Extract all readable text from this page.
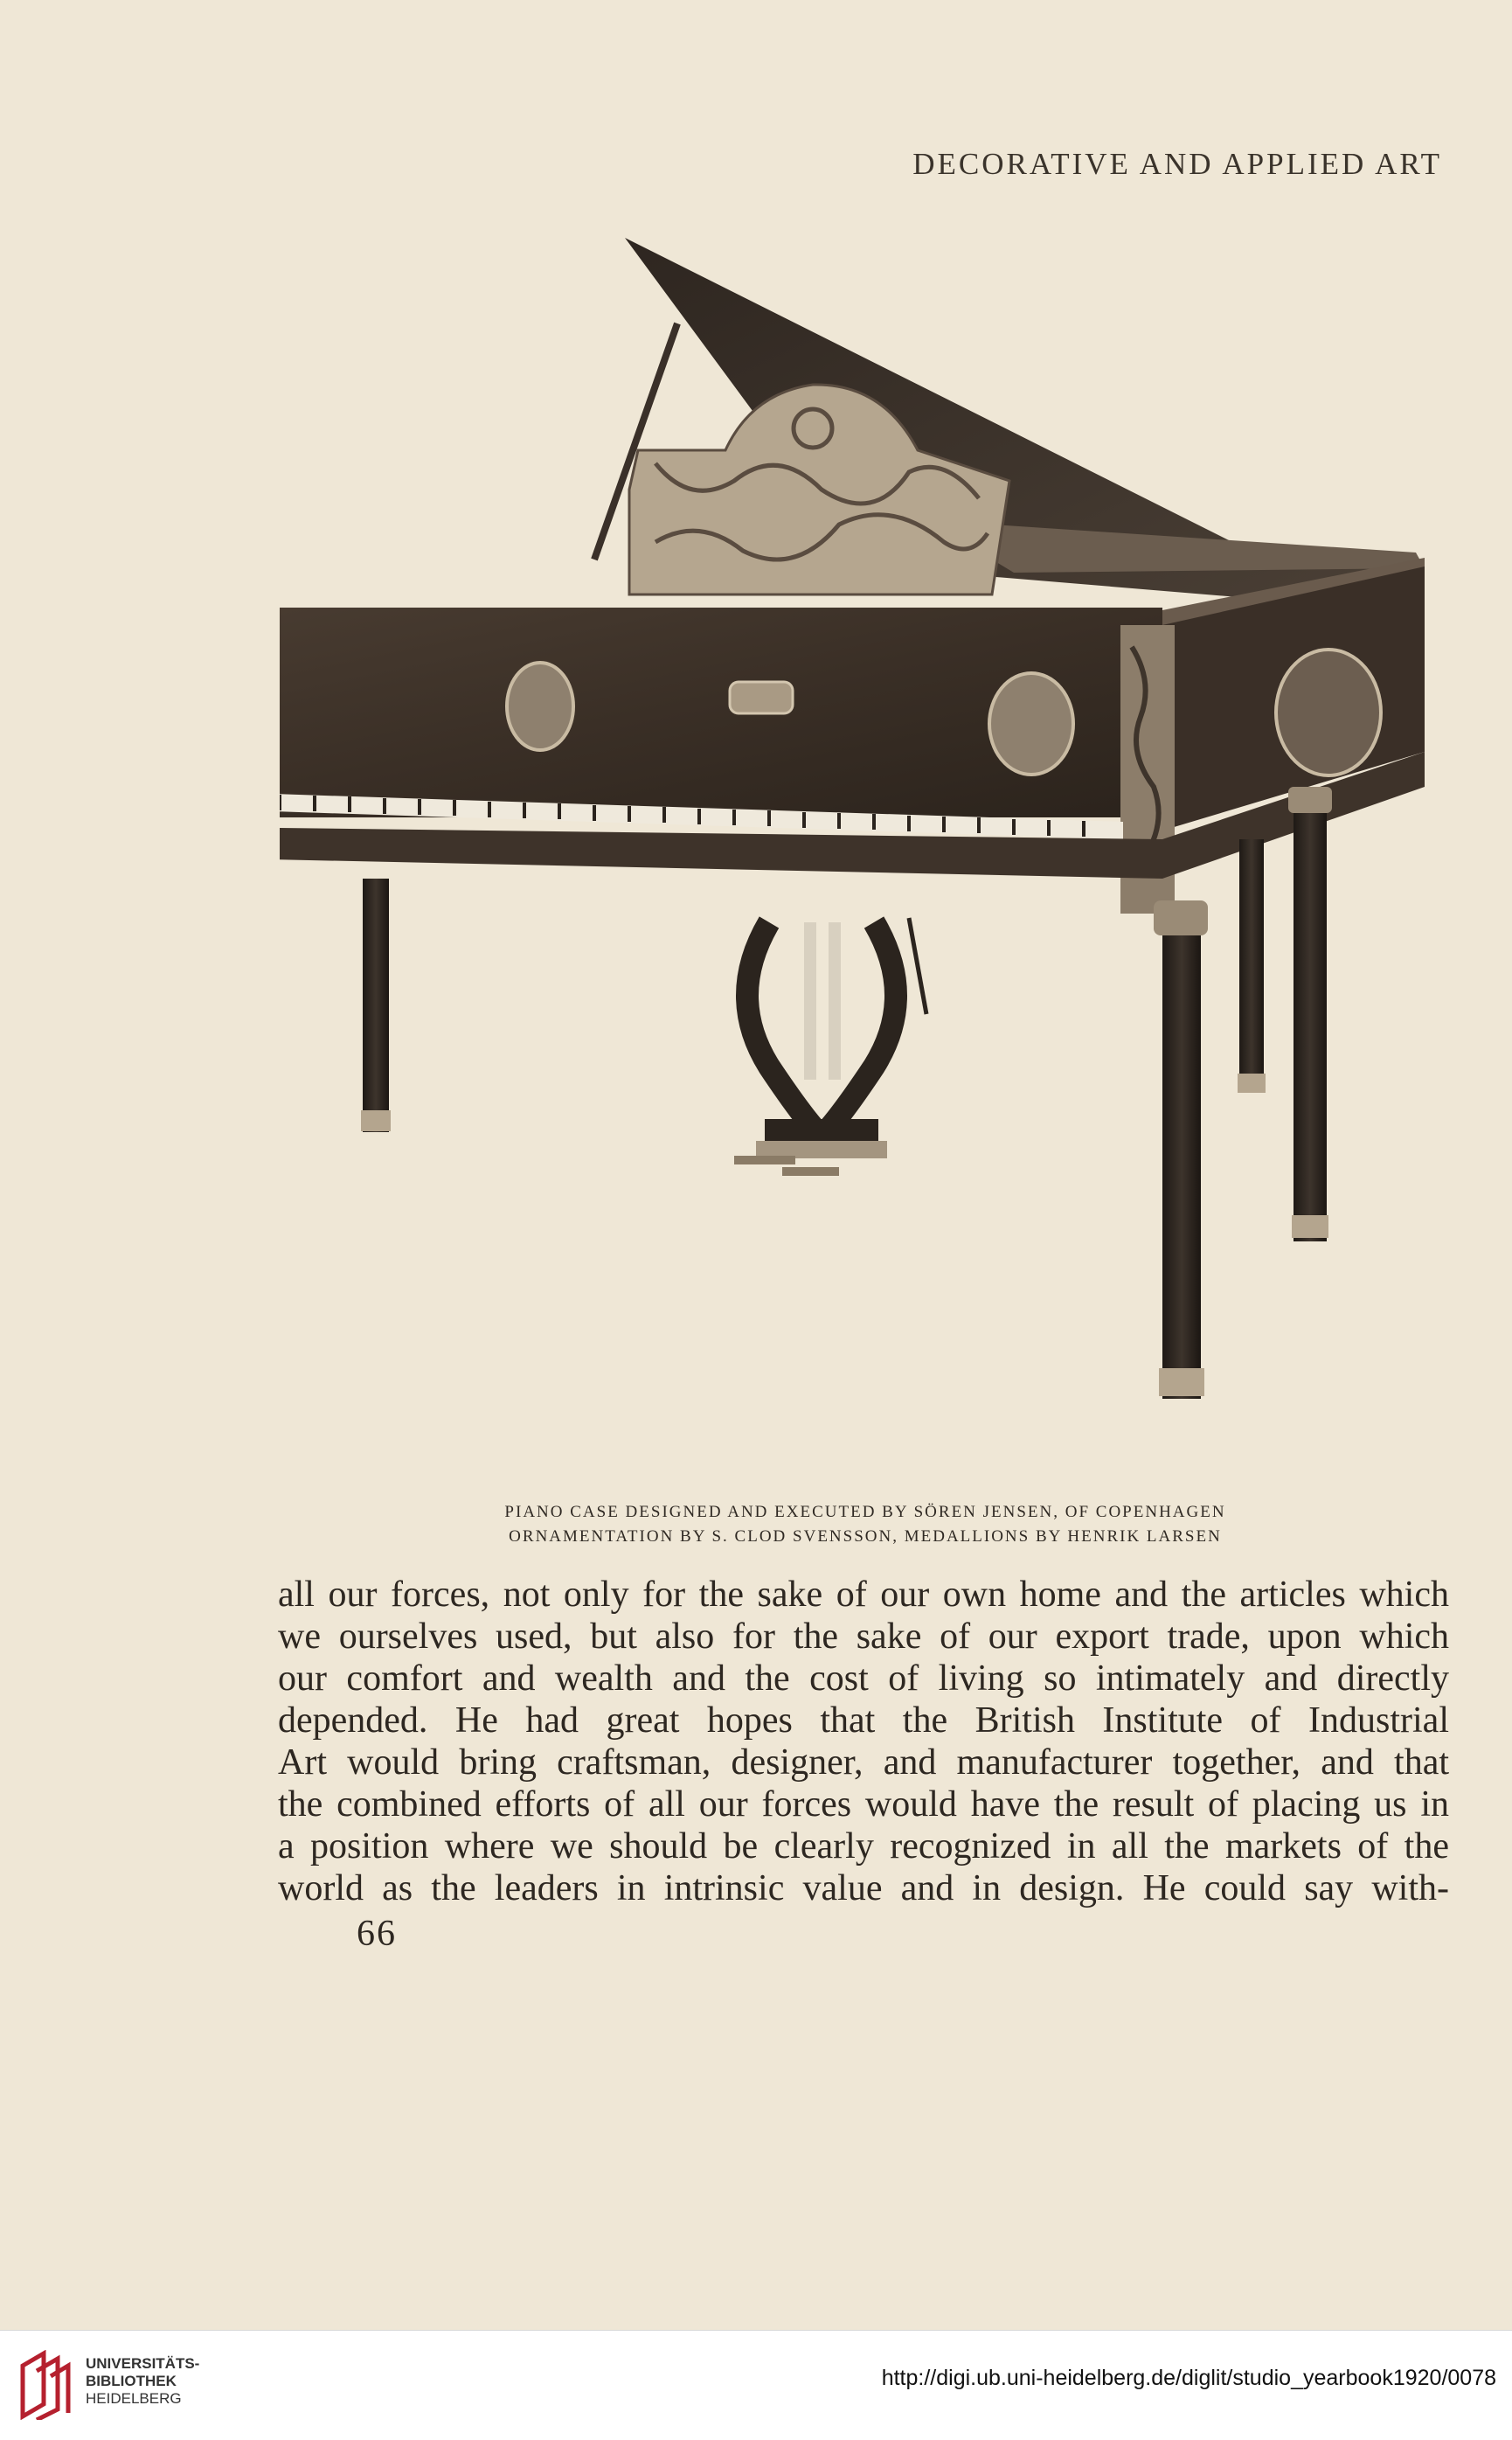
DECORATIVE AND APPLIED ART
PIANO CASE DESIGNED AND EXECUTED BY SÖREN JENSEN, OF COPENHAGEN
ORNAMENTATION BY S. CLOD SVENSSON, MEDALLIONS BY HENRIK LARSEN

all our forces, not only for the sake of our own home and the articles which

we ourselves used, but also for the sake of our export trade, upon which

our comfort and wealth and the cost of living so intimately and directly

depended. He had great hopes that the British Institute of Industrial

Art would bring craftsman, designer, and manufacturer together, and that

the combined efforts of all our forces would have the result of placing us in

a position where we should be clearly recognized in all the markets of the

world as the leaders in intrinsic value and in design. He could say with-

66
UNIVERSITÄTS-
BIBLIOTHEK
HEIDELBERG
http://digi.ub.uni-heidelberg.de/diglit/studio_yearbook1920/0078
